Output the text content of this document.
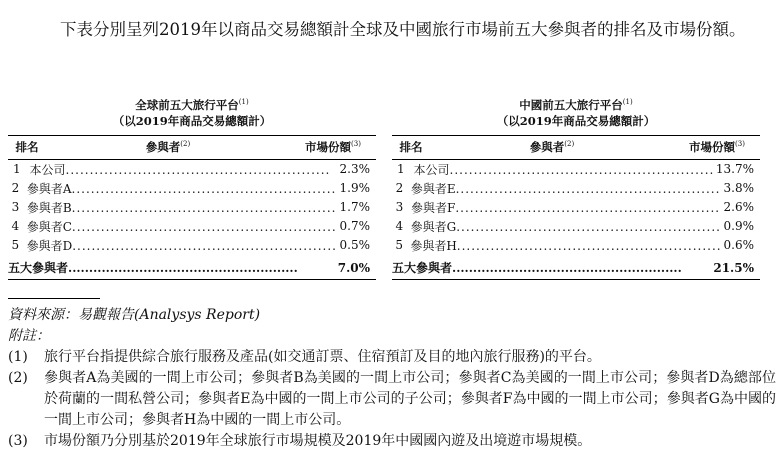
下表分別呈列2019年以商品交易總額計全球及中國旅行市場前五大參與者的排名及市場份額。
全球前五大旅行平台$^{(1)}$
（以2019年商品交易總額計）
排名	參與者$^{(2)}$	市場份額$^{(3)}$
1 本公司....................................................... 2.3%
2 參與者A....................................................... 1.9%
3 參與者B....................................................... 1.7%
4 參與者C....................................................... 0.7%
5 參與者D....................................................... 0.5%
五大參與者.......................................................	7.0%
中國前五大旅行平台$^{(1)}$
（以2019年商品交易總額計）
排名	參與者$^{(2)}$	市場份額$^{(3)}$
1 本公司....................................................... 13.7%
2 參與者E....................................................... 3.8%
3 參與者F....................................................... 2.6%
4 參與者G....................................................... 0.9%
5 參與者H....................................................... 0.6%
五大參與者.......................................................	21.5%
資料來源：易觀報告(Analysys Report)
附註：
(1)	旅行平台指提供綜合旅行服務及產品(如交通訂票、住宿預訂及目的地內旅行服務)的平台。
(2)	參與者A為美國的一間上市公司；參與者B為美國的一間上市公司；參與者C為美國的一間上市公司；參與者D為總部位於荷蘭的一間私營公司；參與者E為中國的一間上市公司的子公司；參與者F為中國的一間上市公司；參與者G為中國的一間上市公司；參與者H為中國的一間上市公司。
(3)	市場份額乃分別基於2019年全球旅行市場規模及2019年中國國內遊及出境遊市場規模。
